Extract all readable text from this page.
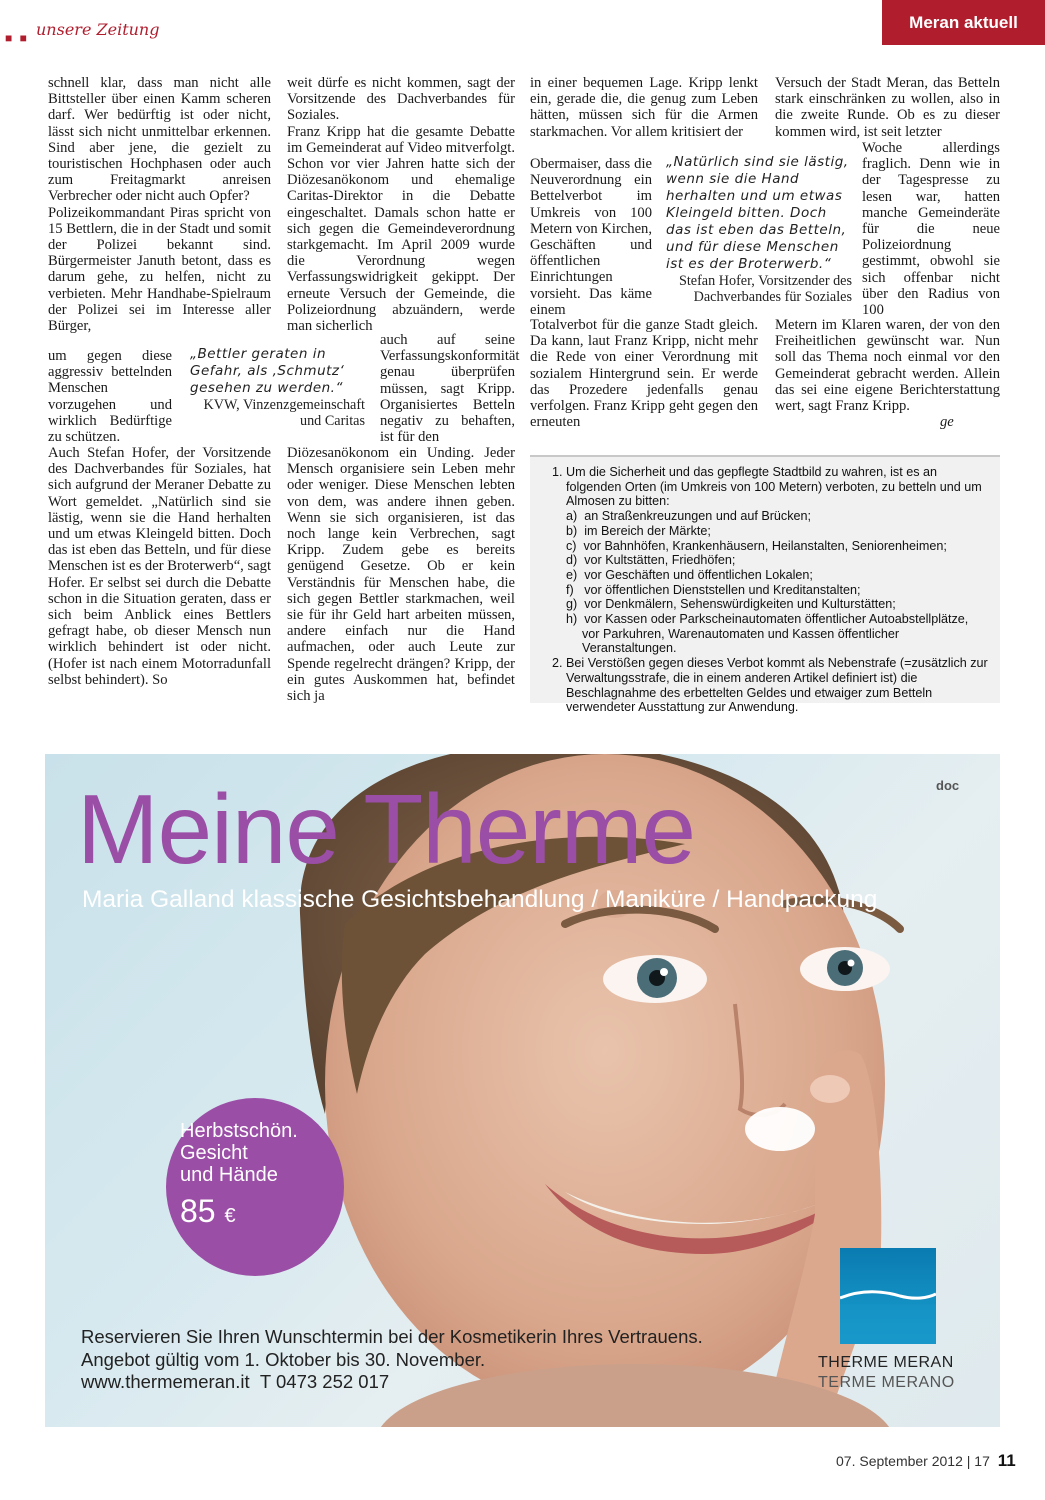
■ ■ unsere Zeitung	Meran aktuell

schnell klar, dass man nicht alle Bittsteller über einen Kamm scheren darf. Wer bedürftig ist oder nicht, lässt sich nicht unmittelbar erkennen. Sind aber jene, die gezielt zu touristischen Hochphasen oder auch zum Freitagmarkt anreisen Verbrecher oder nicht auch Opfer?

Polizeikommandant Piras spricht von 15 Bettlern, die in der Stadt und somit der Polizei bekannt sind. Bürgermeister Januth betont, dass es darum gehe, zu helfen, nicht zu verbieten. Mehr Handhabe-Spielraum der Polizei sei im Interesse aller Bürger,

um gegen diese aggressiv bettelnden Menschen vorzugehen und wirklich Bedürftige zu schützen.
Auch Stefan Hofer, der Vorsitzende des Dachverbandes für Soziales, hat sich aufgrund der Meraner Debatte zu Wort gemeldet. „Natürlich sind sie lästig, wenn sie die Hand herhalten und um etwas Kleingeld bitten. Doch das ist eben das Betteln, und für diese Menschen ist es der Broterwerb“, sagt Hofer. Er selbst sei durch die Debatte schon in die Situation geraten, dass er sich beim Anblick eines Bettlers gefragt habe, ob dieser Mensch nun wirklich behindert ist oder nicht. (Hofer ist nach einem Motorradunfall selbst behindert). So
„Bettler geraten in Gefahr, als ‚Schmutz‘ gesehen zu werden.“
KVW, Vinzenzgemeinschaft und Caritas

weit dürfe es nicht kommen, sagt der Vorsitzende des Dachverbandes für Soziales.

Franz Kripp hat die gesamte Debatte im Gemeinderat auf Video mitverfolgt. Schon vor vier Jahren hatte sich der Diözesanökonom und ehemalige Caritas-Direktor in die Debatte eingeschaltet. Damals schon hatte er sich gegen die Gemeindeverordnung starkgemacht. Im April 2009 wurde die Verordnung wegen Verfassungswidrigkeit gekippt. Der erneute Versuch der Gemeinde, die Polizeiordnung abzuändern, werde man sicherlich

auch auf seine Verfassungskonformität genau überprüfen müssen, sagt Kripp. Organisiertes Betteln negativ zu behaften, ist für den
Diözesanökonom ein Unding. Jeder Mensch organisiere sein Leben mehr oder weniger. Diese Menschen lebten von dem, was andere ihnen geben. Wenn sie sich organisieren, ist das noch lange kein Verbrechen, sagt Kripp. Zudem gebe es bereits genügend Gesetze. Ob er kein Verständnis für Menschen habe, die sich gegen Bettler starkmachen, weil sie für ihr Geld hart arbeiten müssen, andere einfach nur die Hand aufmachen, oder auch Leute zur Spende regelrecht drängen? Kripp, der ein gutes Auskommen hat, befindet sich ja

in einer bequemen Lage. Kripp lenkt ein, gerade die, die genug zum Leben hätten, müssen sich für die Armen starkmachen. Vor allem kritisiert der

Obermaiser, dass die Neuverordnung ein Bettelverbot im Umkreis von 100 Metern von Kirchen, Geschäften und öffentlichen Einrichtungen vorsieht. Das käme einem
Totalverbot für die ganze Stadt gleich. Da kann, laut Franz Kripp, nicht mehr die Rede von einer Verordnung mit sozialem Hintergrund sein. Er werde das Prozedere jedenfalls genau verfolgen. Franz Kripp geht gegen den erneuten
„Natürlich sind sie lästig, wenn sie die Hand herhalten und um etwas Kleingeld bitten. Doch das ist eben das Betteln, und für diese Menschen ist es der Broterwerb.“
Stefan Hofer, Vorsitzender des Dachverbandes für Soziales

Versuch der Stadt Meran, das Betteln stark einschränken zu wollen, also in die zweite Runde. Ob es zu dieser kommen wird, ist seit letzter

Woche allerdings fraglich. Denn wie in der Tagespresse zu lesen war, hatten manche Gemeinderäte für die neue Polizeiordnung gestimmt, obwohl sie sich offenbar nicht über den Radius von 100
Metern im Klaren waren, der von den Freiheitlichen gewünscht war. Nun soll das Thema noch einmal vor den Gemeinderat gebracht werden. Allein das sei eine eigene Berichterstattung wert, sagt Franz Kripp.
ge
1. Um die Sicherheit und das gepflegte Stadtbild zu wahren, ist es an folgenden Orten (im Umkreis von 100 Metern) verboten, zu betteln und um Almosen zu bitten:
a)  an Straßenkreuzungen und auf Brücken;
b)  im Bereich der Märkte;
c)  vor Bahnhöfen, Krankenhäusern, Heilanstalten, Seniorenheimen;
d)  vor Kultstätten, Friedhöfen;
e)  vor Geschäften und öffentlichen Lokalen;
f)   vor öffentlichen Dienststellen und Kreditanstalten;
g)  vor Denkmälern, Sehenswürdigkeiten und Kulturstätten;
h)  vor Kassen oder Parkscheinautomaten öffentlicher Autoabstellplätze, vor Parkuhren, Warenautomaten und Kassen öffentlicher Veranstaltungen.
2. Bei Verstößen gegen dieses Verbot kommt als Nebenstrafe (=zusätzlich zur Verwaltungsstrafe, die in einem anderen Artikel definiert ist) die Beschlagnahme des erbettelten Geldes und etwaiger zum Betteln verwendeter Ausstattung zur Anwendung.
Meine Therme
Maria Galland klassische Gesichtsbehandlung / Maniküre / Handpackung
doc
Herbstschön.
Gesicht
und Hände
85 €
Reservieren Sie Ihren Wunschtermin bei der Kosmetikerin Ihres Vertrauens.
Angebot gültig vom 1. Oktober bis 30. November.
www.thermemeran.it  T 0473 252 017
THERME MERAN
TERME MERANO
07. September 2012 | 17 11
